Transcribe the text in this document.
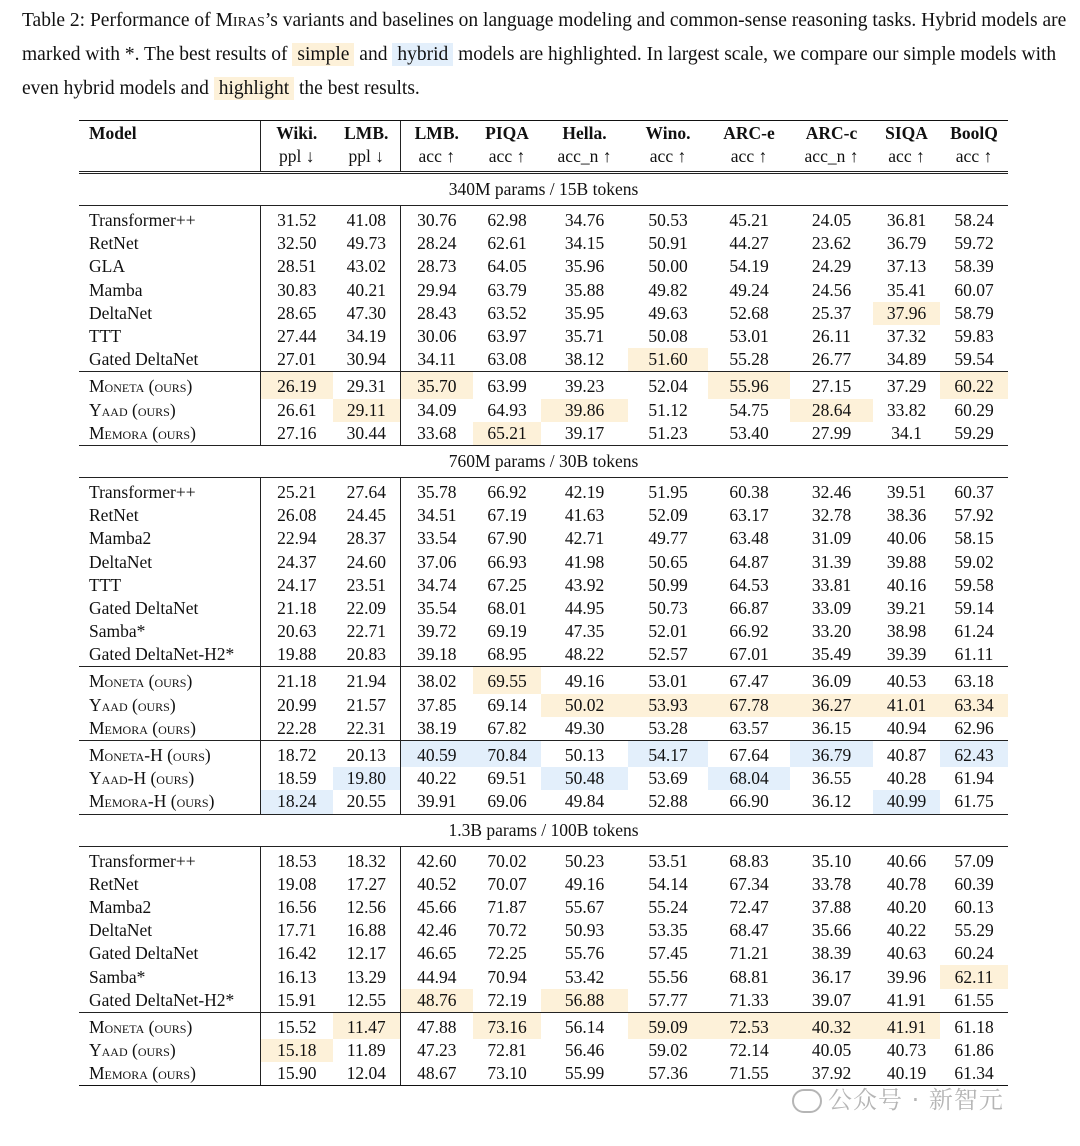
Table 2: Performance of Miras’s variants and baselines on language modeling and common-sense reasoning tasks. Hybrid models are marked with *. The best results of simple and hybrid models are highlighted. In largest scale, we compare our simple models with even hybrid models and highlight the best results.
Model	Wiki.	LMB.	LMB.	PIQA	Hella.	Wino.	ARC-e	ARC-c	SIQA	BoolQ
	ppl ↓	ppl ↓	acc ↑	acc ↑	acc_n ↑	acc ↑	acc ↑	acc_n ↑	acc ↑	acc ↑
340M params / 15B tokens										
Transformer++	31.52	41.08	30.76	62.98	34.76	50.53	45.21	24.05	36.81	58.24
RetNet	32.50	49.73	28.24	62.61	34.15	50.91	44.27	23.62	36.79	59.72
GLA	28.51	43.02	28.73	64.05	35.96	50.00	54.19	24.29	37.13	58.39
Mamba	30.83	40.21	29.94	63.79	35.88	49.82	49.24	24.56	35.41	60.07
DeltaNet	28.65	47.30	28.43	63.52	35.95	49.63	52.68	25.37	37.96	58.79
TTT	27.44	34.19	30.06	63.97	35.71	50.08	53.01	26.11	37.32	59.83
Gated DeltaNet	27.01	30.94	34.11	63.08	38.12	51.60	55.28	26.77	34.89	59.54
Moneta (ours)	26.19	29.31	35.70	63.99	39.23	52.04	55.96	27.15	37.29	60.22
Yaad (ours)	26.61	29.11	34.09	64.93	39.86	51.12	54.75	28.64	33.82	60.29
Memora (ours)	27.16	30.44	33.68	65.21	39.17	51.23	53.40	27.99	34.1	59.29
760M params / 30B tokens										
Transformer++	25.21	27.64	35.78	66.92	42.19	51.95	60.38	32.46	39.51	60.37
RetNet	26.08	24.45	34.51	67.19	41.63	52.09	63.17	32.78	38.36	57.92
Mamba2	22.94	28.37	33.54	67.90	42.71	49.77	63.48	31.09	40.06	58.15
DeltaNet	24.37	24.60	37.06	66.93	41.98	50.65	64.87	31.39	39.88	59.02
TTT	24.17	23.51	34.74	67.25	43.92	50.99	64.53	33.81	40.16	59.58
Gated DeltaNet	21.18	22.09	35.54	68.01	44.95	50.73	66.87	33.09	39.21	59.14
Samba*	20.63	22.71	39.72	69.19	47.35	52.01	66.92	33.20	38.98	61.24
Gated DeltaNet-H2*	19.88	20.83	39.18	68.95	48.22	52.57	67.01	35.49	39.39	61.11
Moneta (ours)	21.18	21.94	38.02	69.55	49.16	53.01	67.47	36.09	40.53	63.18
Yaad (ours)	20.99	21.57	37.85	69.14	50.02	53.93	67.78	36.27	41.01	63.34
Memora (ours)	22.28	22.31	38.19	67.82	49.30	53.28	63.57	36.15	40.94	62.96
Moneta-H (ours)	18.72	20.13	40.59	70.84	50.13	54.17	67.64	36.79	40.87	62.43
Yaad-H (ours)	18.59	19.80	40.22	69.51	50.48	53.69	68.04	36.55	40.28	61.94
Memora-H (ours)	18.24	20.55	39.91	69.06	49.84	52.88	66.90	36.12	40.99	61.75
1.3B params / 100B tokens										
Transformer++	18.53	18.32	42.60	70.02	50.23	53.51	68.83	35.10	40.66	57.09
RetNet	19.08	17.27	40.52	70.07	49.16	54.14	67.34	33.78	40.78	60.39
Mamba2	16.56	12.56	45.66	71.87	55.67	55.24	72.47	37.88	40.20	60.13
DeltaNet	17.71	16.88	42.46	70.72	50.93	53.35	68.47	35.66	40.22	55.29
Gated DeltaNet	16.42	12.17	46.65	72.25	55.76	57.45	71.21	38.39	40.63	60.24
Samba*	16.13	13.29	44.94	70.94	53.42	55.56	68.81	36.17	39.96	62.11
Gated DeltaNet-H2*	15.91	12.55	48.76	72.19	56.88	57.77	71.33	39.07	41.91	61.55
Moneta (ours)	15.52	11.47	47.88	73.16	56.14	59.09	72.53	40.32	41.91	61.18
Yaad (ours)	15.18	11.89	47.23	72.81	56.46	59.02	72.14	40.05	40.73	61.86
Memora (ours)	15.90	12.04	48.67	73.10	55.99	57.36	71.55	37.92	40.19	61.34
公众号 · 新智元
